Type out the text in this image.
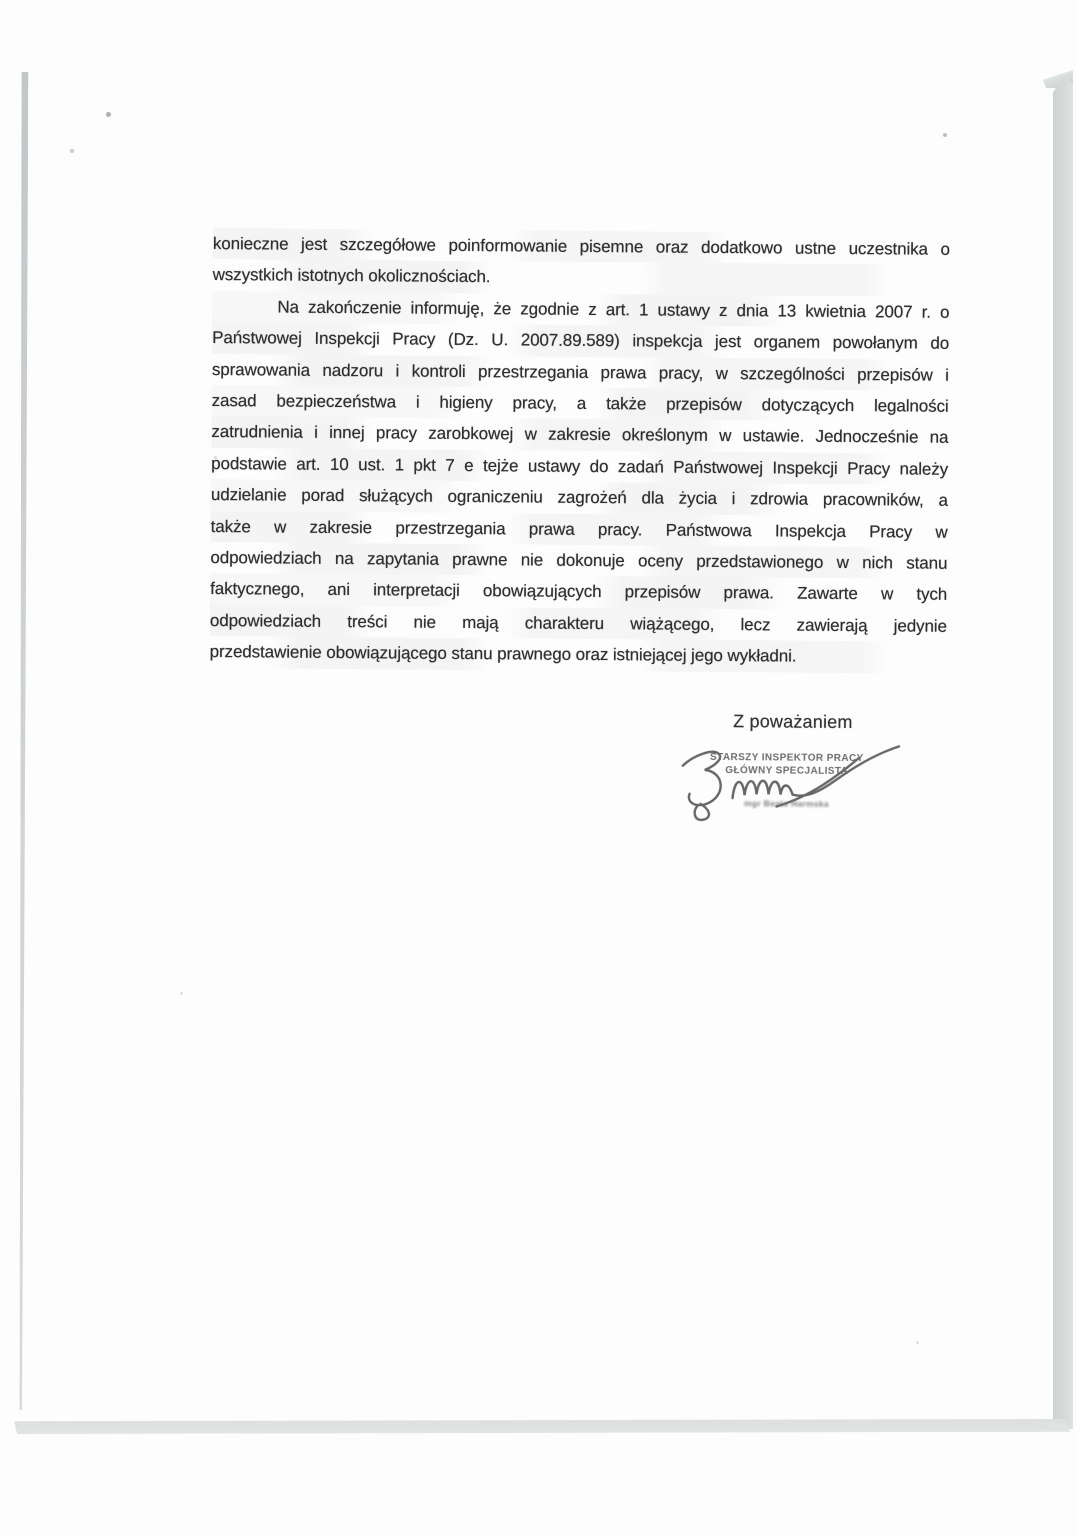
konieczne jest szczegółowe poinformowanie pisemne oraz dodatkowo ustne uczestnika o
wszystkich istotnych okolicznościach.
Na zakończenie informuję, że zgodnie z art. 1 ustawy z dnia 13 kwietnia 2007 r. o
Państwowej Inspekcji Pracy (Dz. U. 2007.89.589) inspekcja jest organem powołanym do
sprawowania nadzoru i kontroli przestrzegania prawa pracy, w szczególności przepisów i
zasad bezpieczeństwa i higieny pracy, a także przepisów dotyczących legalności
zatrudnienia i innej pracy zarobkowej w zakresie określonym w ustawie. Jednocześnie na
podstawie art. 10 ust. 1 pkt 7 e tejże ustawy do zadań Państwowej Inspekcji Pracy należy
udzielanie porad służących ograniczeniu zagrożeń dla życia i zdrowia pracowników, a
także w zakresie przestrzegania prawa pracy. Państwowa Inspekcja Pracy w
odpowiedziach na zapytania prawne nie dokonuje oceny przedstawionego w nich stanu
faktycznego, ani interpretacji obowiązujących przepisów prawa. Zawarte w tych
odpowiedziach treści nie mają charakteru wiążącego, lecz zawierają jedynie
przedstawienie obowiązującego stanu prawnego oraz istniejącej jego wykładni.
Z poważaniem
STARSZY INSPEKTOR PRACY
GŁÓWNY SPECJALISTA
mgr Beata Harmska
